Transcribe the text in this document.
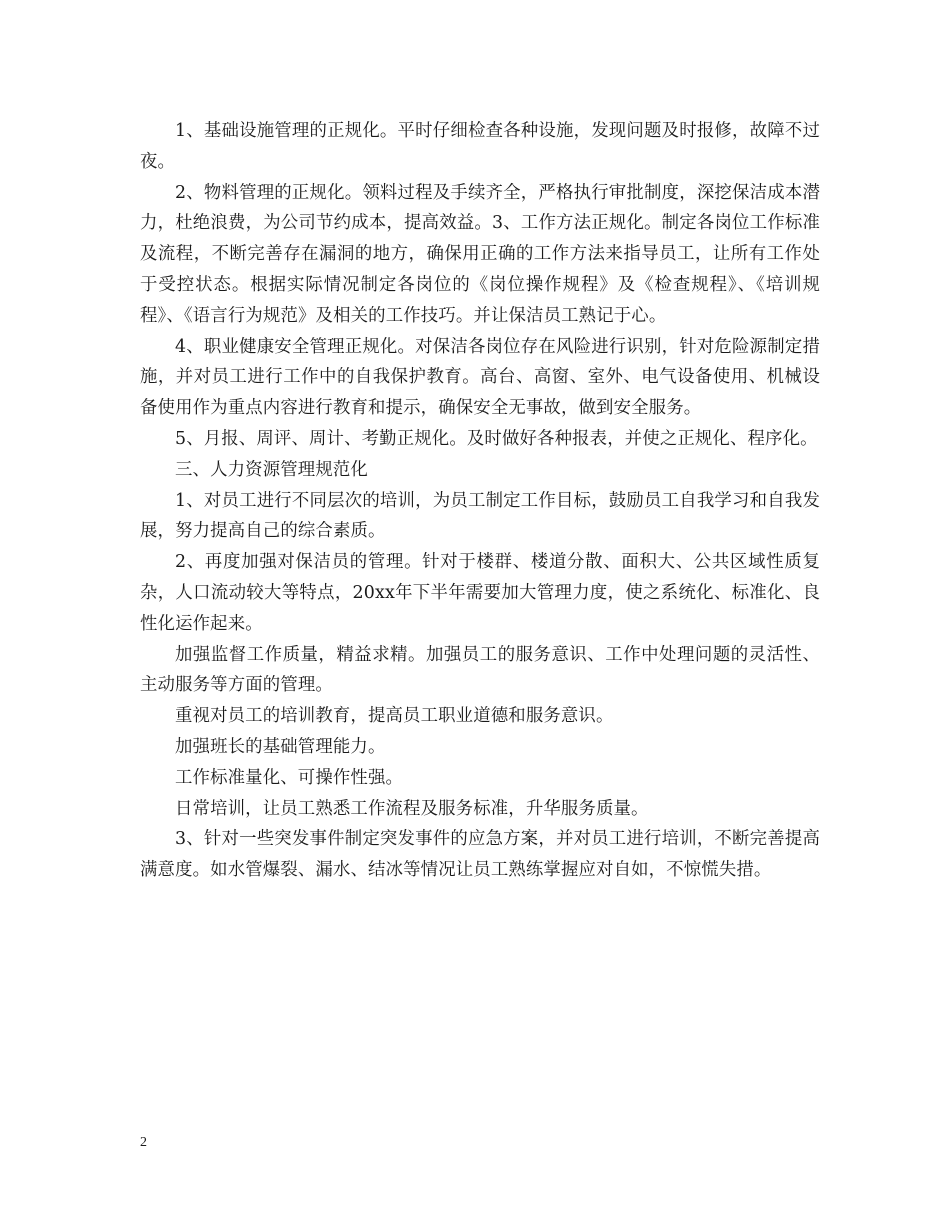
1、基础设施管理的正规化。平时仔细检查各种设施，发现问题及时报修，故障不过夜。

2、物料管理的正规化。领料过程及手续齐全，严格执行审批制度，深挖保洁成本潜力，杜绝浪费，为公司节约成本，提高效益。3、工作方法正规化。制定各岗位工作标准及流程，不断完善存在漏洞的地方，确保用正确的工作方法来指导员工，让所有工作处于受控状态。根据实际情况制定各岗位的《岗位操作规程》及《检查规程》、《培训规程》、《语言行为规范》及相关的工作技巧。并让保洁员工熟记于心。

4、职业健康安全管理正规化。对保洁各岗位存在风险进行识别，针对危险源制定措施，并对员工进行工作中的自我保护教育。高台、高窗、室外、电气设备使用、机械设备使用作为重点内容进行教育和提示，确保安全无事故，做到安全服务。

5、月报、周评、周计、考勤正规化。及时做好各种报表，并使之正规化、程序化。

三、人力资源管理规范化

1、对员工进行不同层次的培训，为员工制定工作目标，鼓励员工自我学习和自我发展，努力提高自己的综合素质。

2、再度加强对保洁员的管理。针对于楼群、楼道分散、面积大、公共区域性质复杂，人口流动较大等特点，20xx年下半年需要加大管理力度，使之系统化、标准化、良性化运作起来。

加强监督工作质量，精益求精。加强员工的服务意识、工作中处理问题的灵活性、主动服务等方面的管理。

重视对员工的培训教育，提高员工职业道德和服务意识。

加强班长的基础管理能力。

工作标准量化、可操作性强。

日常培训，让员工熟悉工作流程及服务标准，升华服务质量。

3、针对一些突发事件制定突发事件的应急方案，并对员工进行培训，不断完善提高满意度。如水管爆裂、漏水、结冰等情况让员工熟练掌握应对自如，不惊慌失措。

2
